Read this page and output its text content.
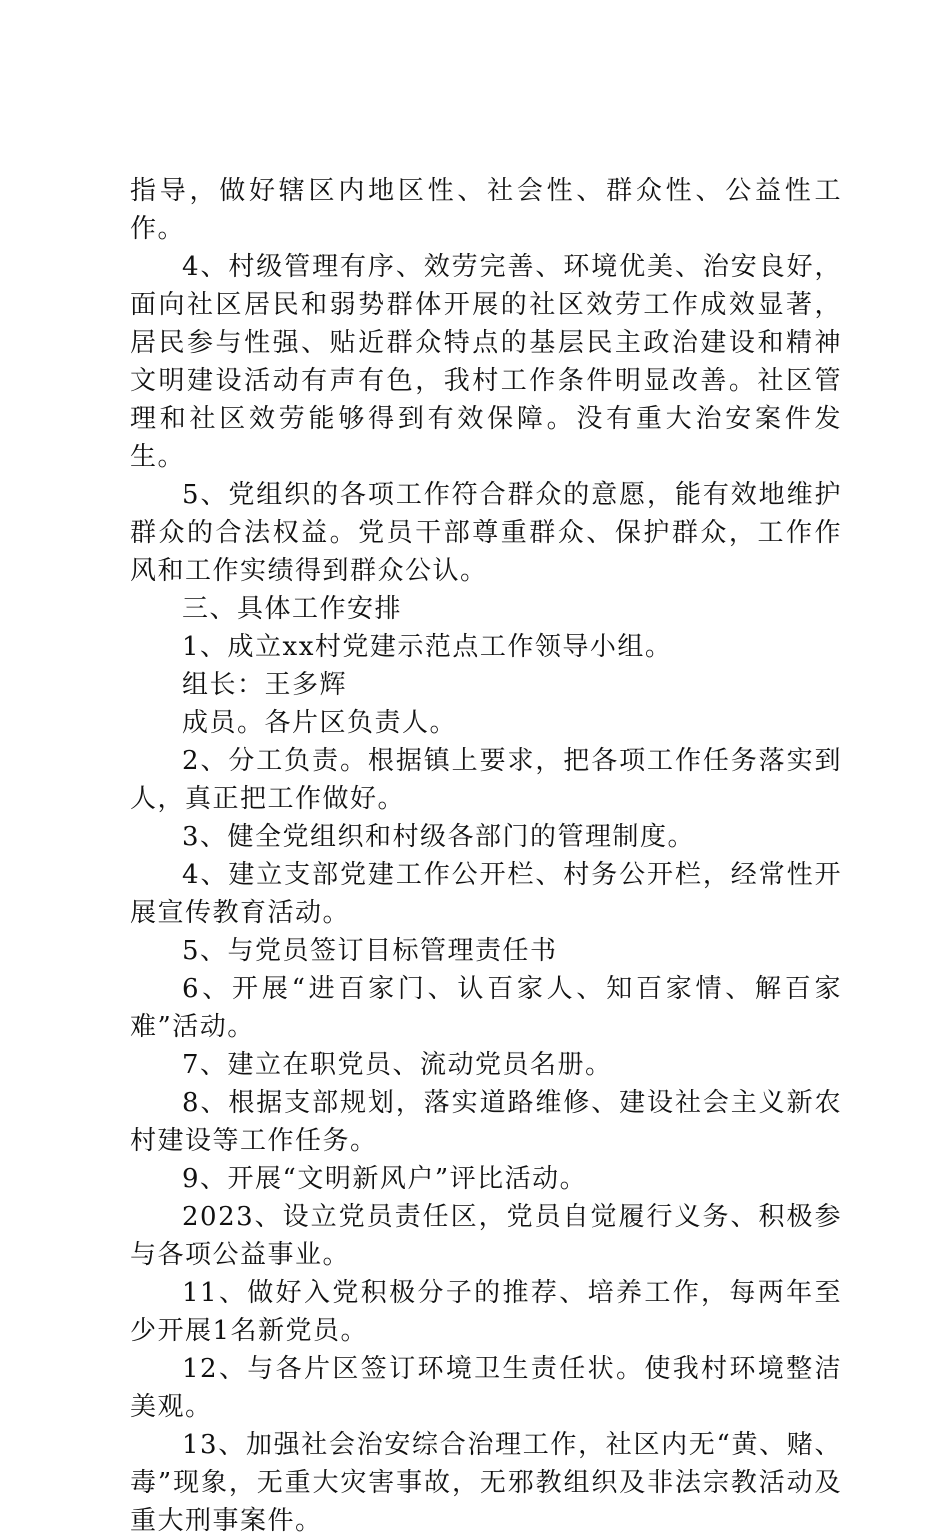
指导，做好辖区内地区性、社会性、群众性、公益性工作。

4、村级管理有序、效劳完善、环境优美、治安良好，面向社区居民和弱势群体开展的社区效劳工作成效显著，居民参与性强、贴近群众特点的基层民主政治建设和精神文明建设活动有声有色，我村工作条件明显改善。社区管理和社区效劳能够得到有效保障。没有重大治安案件发生。

5、党组织的各项工作符合群众的意愿，能有效地维护群众的合法权益。党员干部尊重群众、保护群众，工作作风和工作实绩得到群众公认。

三、具体工作安排

1、成立xx村党建示范点工作领导小组。

组长：王多辉

成员。各片区负责人。

2、分工负责。根据镇上要求，把各项工作任务落实到人，真正把工作做好。

3、健全党组织和村级各部门的管理制度。

4、建立支部党建工作公开栏、村务公开栏，经常性开展宣传教育活动。

5、与党员签订目标管理责任书

6、开展“进百家门、认百家人、知百家情、解百家难”活动。

7、建立在职党员、流动党员名册。

8、根据支部规划，落实道路维修、建设社会主义新农村建设等工作任务。

9、开展“文明新风户”评比活动。

2023、设立党员责任区，党员自觉履行义务、积极参与各项公益事业。

11、做好入党积极分子的推荐、培养工作，每两年至少开展1名新党员。

12、与各片区签订环境卫生责任状。使我村环境整洁美观。

13、加强社会治安综合治理工作，社区内无“黄、赌、毒”现象，无重大灾害事故，无邪教组织及非法宗教活动及重大刑事案件。
